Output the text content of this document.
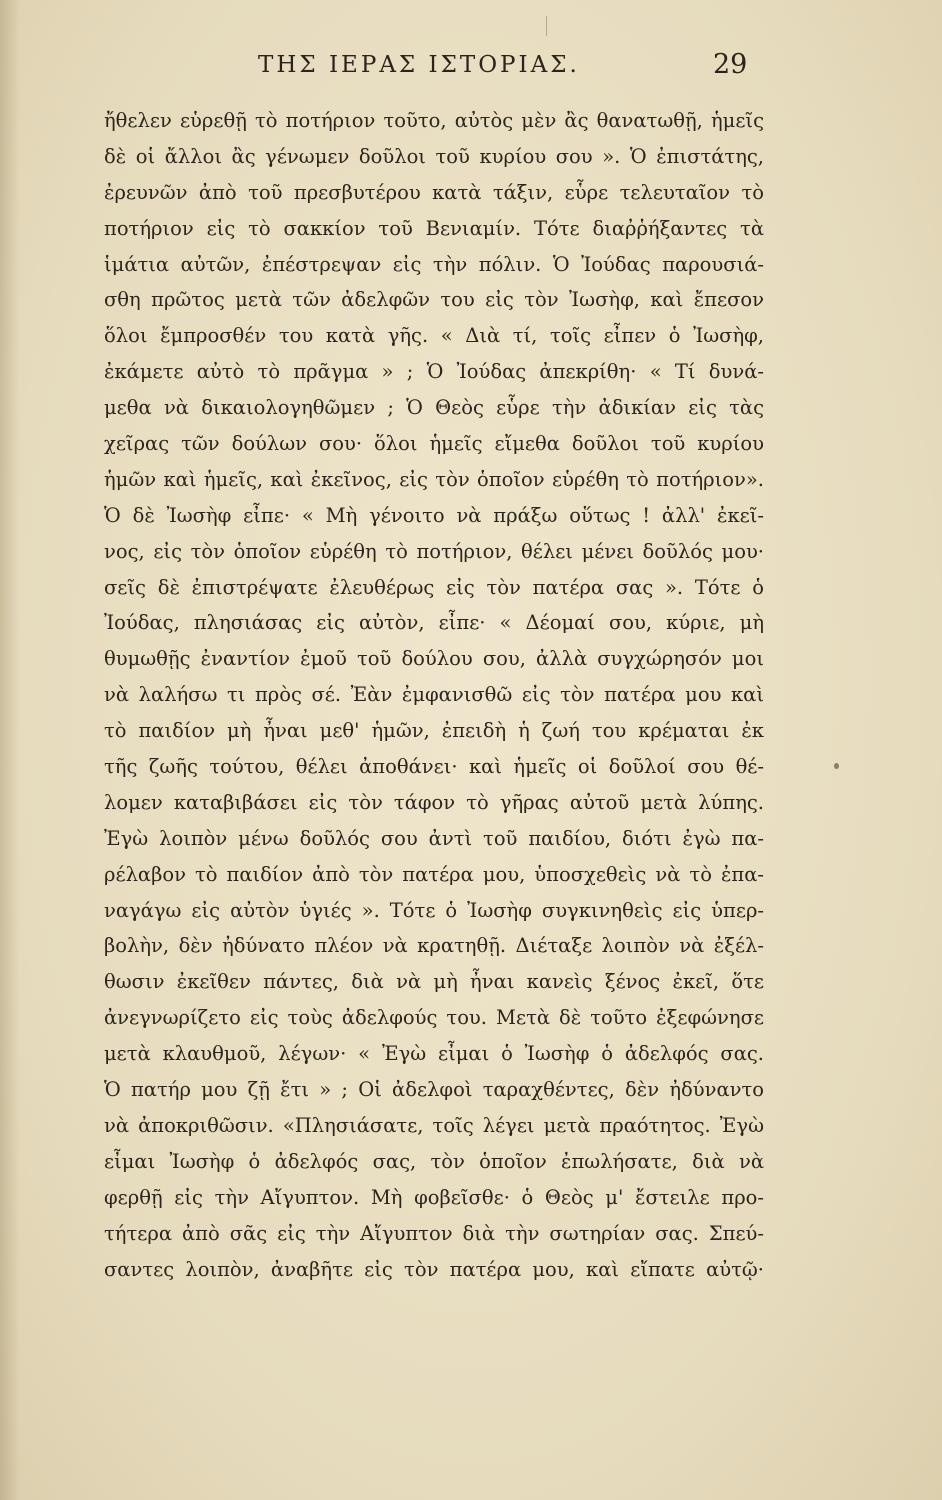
ΤΗΣ ΙΕΡΑΣ ΙΣΤΟΡΙΑΣ.	29
ἤθελεν εὑρεθῇ τὸ ποτήριον τοῦτο, αὐτὸς μὲν ἂς θανατωθῇ, ἡμεῖς
δὲ οἱ ἄλλοι ἂς γένωμεν δοῦλοι τοῦ κυρίου σου ». Ὁ ἐπιστάτης,
ἐρευνῶν ἀπὸ τοῦ πρεσβυτέρου κατὰ τάξιν, εὗρε τελευταῖον τὸ
ποτήριον εἰς τὸ σακκίον τοῦ Βενιαμίν. Τότε διαῤῥήξαντες τὰ
ἱμάτια αὐτῶν, ἐπέστρεψαν εἰς τὴν πόλιν. Ὁ Ἰούδας παρουσιά-
σθη πρῶτος μετὰ τῶν ἀδελφῶν του εἰς τὸν Ἰωσὴφ, καὶ ἔπεσον
ὅλοι ἔμπροσθέν του κατὰ γῆς. « Διὰ τί, τοῖς εἶπεν ὁ Ἰωσὴφ,
ἐκάμετε αὐτὸ τὸ πρᾶγμα » ; Ὁ Ἰούδας ἀπεκρίθη· « Τί δυνά-
μεθα νὰ δικαιολογηθῶμεν ; Ὁ Θεὸς εὗρε τὴν ἀδικίαν εἰς τὰς
χεῖρας τῶν δούλων σου· ὅλοι ἡμεῖς εἴμεθα δοῦλοι τοῦ κυρίου
ἡμῶν καὶ ἡμεῖς, καὶ ἐκεῖνος, εἰς τὸν ὁποῖον εὑρέθη τὸ ποτήριον».
Ὁ δὲ Ἰωσὴφ εἶπε· « Μὴ γένοιτο νὰ πράξω οὕτως ! ἀλλ' ἐκεῖ-
νος, εἰς τὸν ὁποῖον εὑρέθη τὸ ποτήριον, θέλει μένει δοῦλός μου·
σεῖς δὲ ἐπιστρέψατε ἐλευθέρως εἰς τὸν πατέρα σας ». Τότε ὁ
Ἰούδας, πλησιάσας εἰς αὐτὸν, εἶπε· « Δέομαί σου, κύριε, μὴ
θυμωθῇς ἐναντίον ἐμοῦ τοῦ δούλου σου, ἀλλὰ συγχώρησόν μοι
νὰ λαλήσω τι πρὸς σέ. Ἐὰν ἐμφανισθῶ εἰς τὸν πατέρα μου καὶ
τὸ παιδίον μὴ ἦναι μεθ' ἡμῶν, ἐπειδὴ ἡ ζωή του κρέμαται ἐκ
τῆς ζωῆς τούτου, θέλει ἀποθάνει· καὶ ἡμεῖς οἱ δοῦλοί σου θέ-
λομεν καταβιβάσει εἰς τὸν τάφον τὸ γῆρας αὐτοῦ μετὰ λύπης.
Ἐγὼ λοιπὸν μένω δοῦλός σου ἀντὶ τοῦ παιδίου, διότι ἐγὼ πα-
ρέλαβον τὸ παιδίον ἀπὸ τὸν πατέρα μου, ὑποσχεθεὶς νὰ τὸ ἐπα-
ναγάγω εἰς αὐτὸν ὑγιές ». Τότε ὁ Ἰωσὴφ συγκινηθεὶς εἰς ὑπερ-
βολὴν, δὲν ἠδύνατο πλέον νὰ κρατηθῇ. Διέταξε λοιπὸν νὰ ἐξέλ-
θωσιν ἐκεῖθεν πάντες, διὰ νὰ μὴ ἦναι κανεὶς ξένος ἐκεῖ, ὅτε
ἀνεγνωρίζετο εἰς τοὺς ἀδελφούς του. Μετὰ δὲ τοῦτο ἐξεφώνησε
μετὰ κλαυθμοῦ, λέγων· « Ἐγὼ εἶμαι ὁ Ἰωσὴφ ὁ ἀδελφός σας.
Ὁ πατήρ μου ζῇ ἔτι » ; Οἱ ἀδελφοὶ ταραχθέντες, δὲν ἠδύναντο
νὰ ἀποκριθῶσιν. «Πλησιάσατε, τοῖς λέγει μετὰ πραότητος. Ἐγὼ
εἶμαι Ἰωσὴφ ὁ ἀδελφός σας, τὸν ὁποῖον ἐπωλήσατε, διὰ νὰ
φερθῇ εἰς τὴν Αἴγυπτον. Μὴ φοβεῖσθε· ὁ Θεὸς μ' ἔστειλε προ-
τήτερα ἀπὸ σᾶς εἰς τὴν Αἴγυπτον διὰ τὴν σωτηρίαν σας. Σπεύ-
σαντες λοιπὸν, ἀναβῆτε εἰς τὸν πατέρα μου, καὶ εἴπατε αὐτῷ·
